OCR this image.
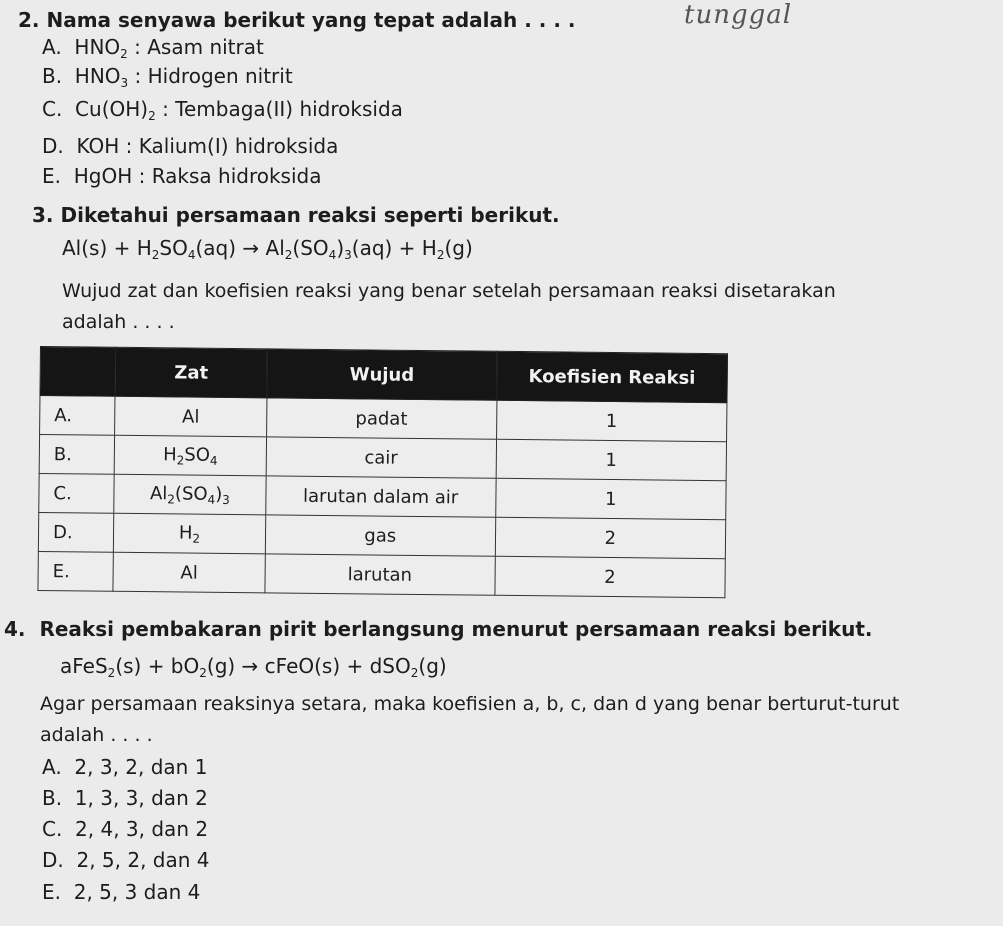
tunggal
2. Nama senyawa berikut yang tepat adalah . . . .
A. $HNO_2$ : Asam nitrat
B. $HNO_3$ : Hidrogen nitrit
C. $Cu(OH)_2$ : Tembaga(II) hidroksida
D. KOH : Kalium(I) hidroksida
E. HgOH : Raksa hidroksida
3. Diketahui persamaan reaksi seperti berikut.
$Al(s) + H_2SO_4(aq) \to Al_2(SO_4)_3(aq) + H_2(g)$
Wujud zat dan koefisien reaksi yang benar setelah persamaan reaksi disetarakan
adalah . . . .
	Zat	Wujud	Koefisien Reaksi
A.	Al	padat	1
B.	$H_2SO_4$	cair	1
C.	$Al_2(SO_4)_3$	larutan dalam air	1
D.	$H_2$	gas	2
E.	Al	larutan	2
4. Reaksi pembakaran pirit berlangsung menurut persamaan reaksi berikut.
aFeS$_2$(s) + $bO_2(g)$ → cFeO(s) + dSO$_2$(g)
Agar persamaan reaksinya setara, maka koefisien a, b, c, dan d yang benar berturut-turut
adalah . . . .
A. 2, 3, 2, dan 1
B. 1, 3, 3, dan 2
C. 2, 4, 3, dan 2
D. 2, 5, 2, dan 4
E. 2, 5, 3 dan 4
